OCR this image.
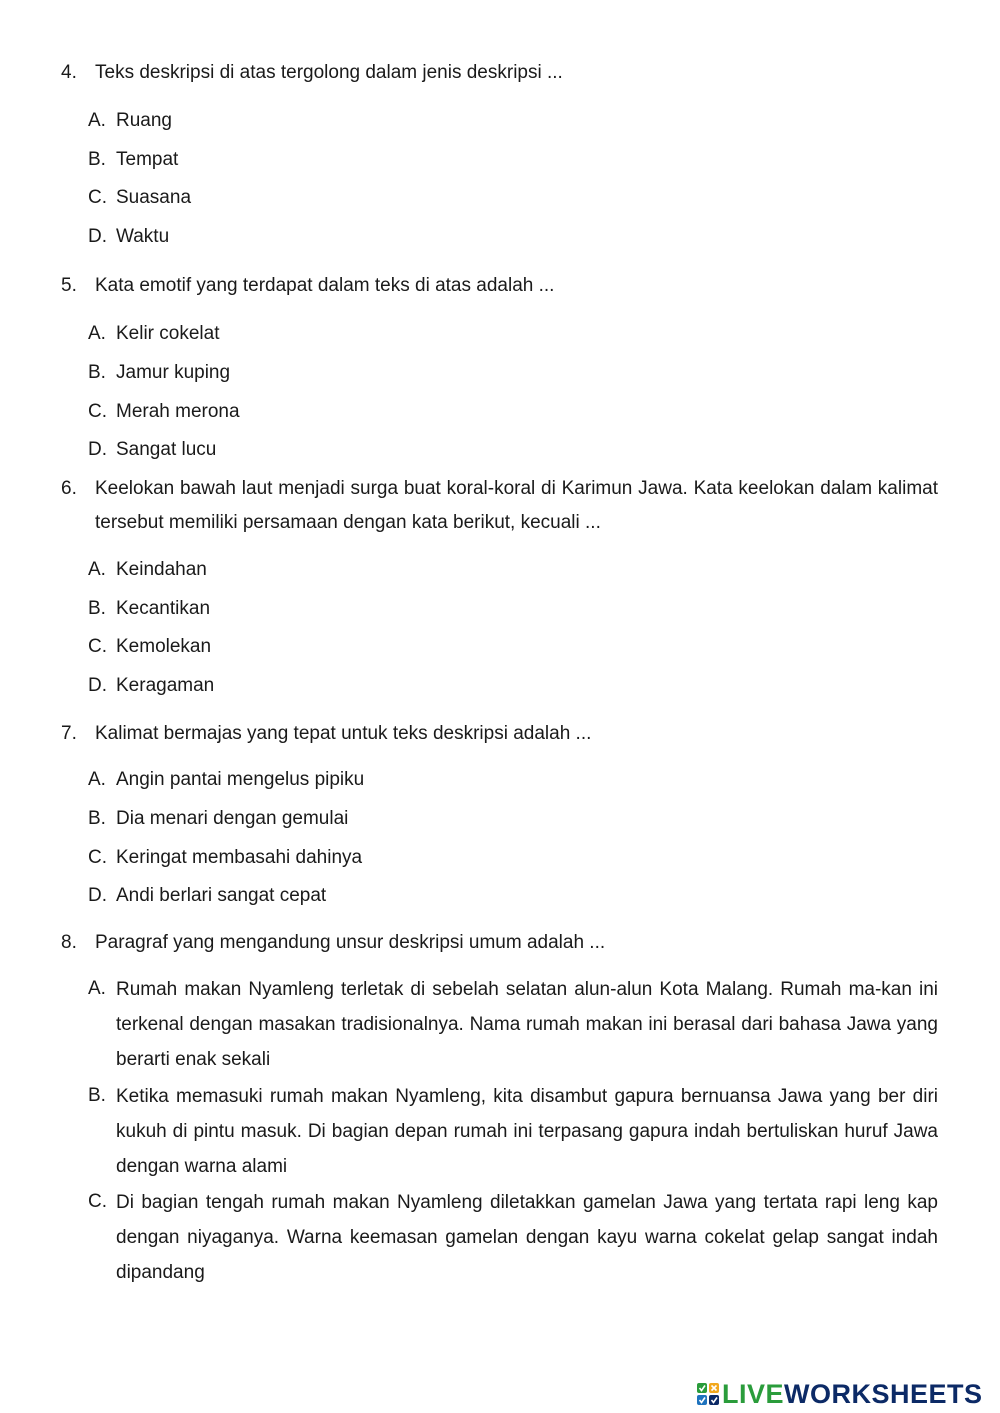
4. Teks deskripsi di atas tergolong dalam jenis deskripsi ...
A. Ruang
B. Tempat
C. Suasana
D. Waktu
5. Kata emotif yang terdapat dalam teks di atas adalah ...
A. Kelir cokelat
B. Jamur kuping
C. Merah merona
D. Sangat lucu
6. Keelokan bawah laut menjadi surga buat koral-koral di Karimun Jawa. Kata keelokan dalam kalimat tersebut memiliki persamaan dengan kata berikut, kecuali ...
A. Keindahan
B. Kecantikan
C. Kemolekan
D. Keragaman
7. Kalimat bermajas yang tepat untuk teks deskripsi adalah ...
A. Angin pantai mengelus pipiku
B. Dia menari dengan gemulai
C. Keringat membasahi dahinya
D. Andi berlari sangat cepat
8. Paragraf yang mengandung unsur deskripsi umum adalah ...
A. Rumah makan Nyamleng terletak di sebelah selatan alun-alun Kota Malang. Rumah ma-kan ini terkenal dengan masakan tradisionalnya. Nama rumah makan ini berasal dari bahasa Jawa yang berarti enak sekali
B. Ketika memasuki rumah makan Nyamleng, kita disambut gapura bernuansa Jawa yang ber diri kukuh di pintu masuk. Di bagian depan rumah ini terpasang gapura indah bertuliskan huruf Jawa dengan warna alami
C. Di bagian tengah rumah makan Nyamleng diletakkan gamelan Jawa yang tertata rapi leng kap dengan niyaganya. Warna keemasan gamelan dengan kayu warna cokelat gelap sangat indah dipandang
LIVEWORKSHEETS
